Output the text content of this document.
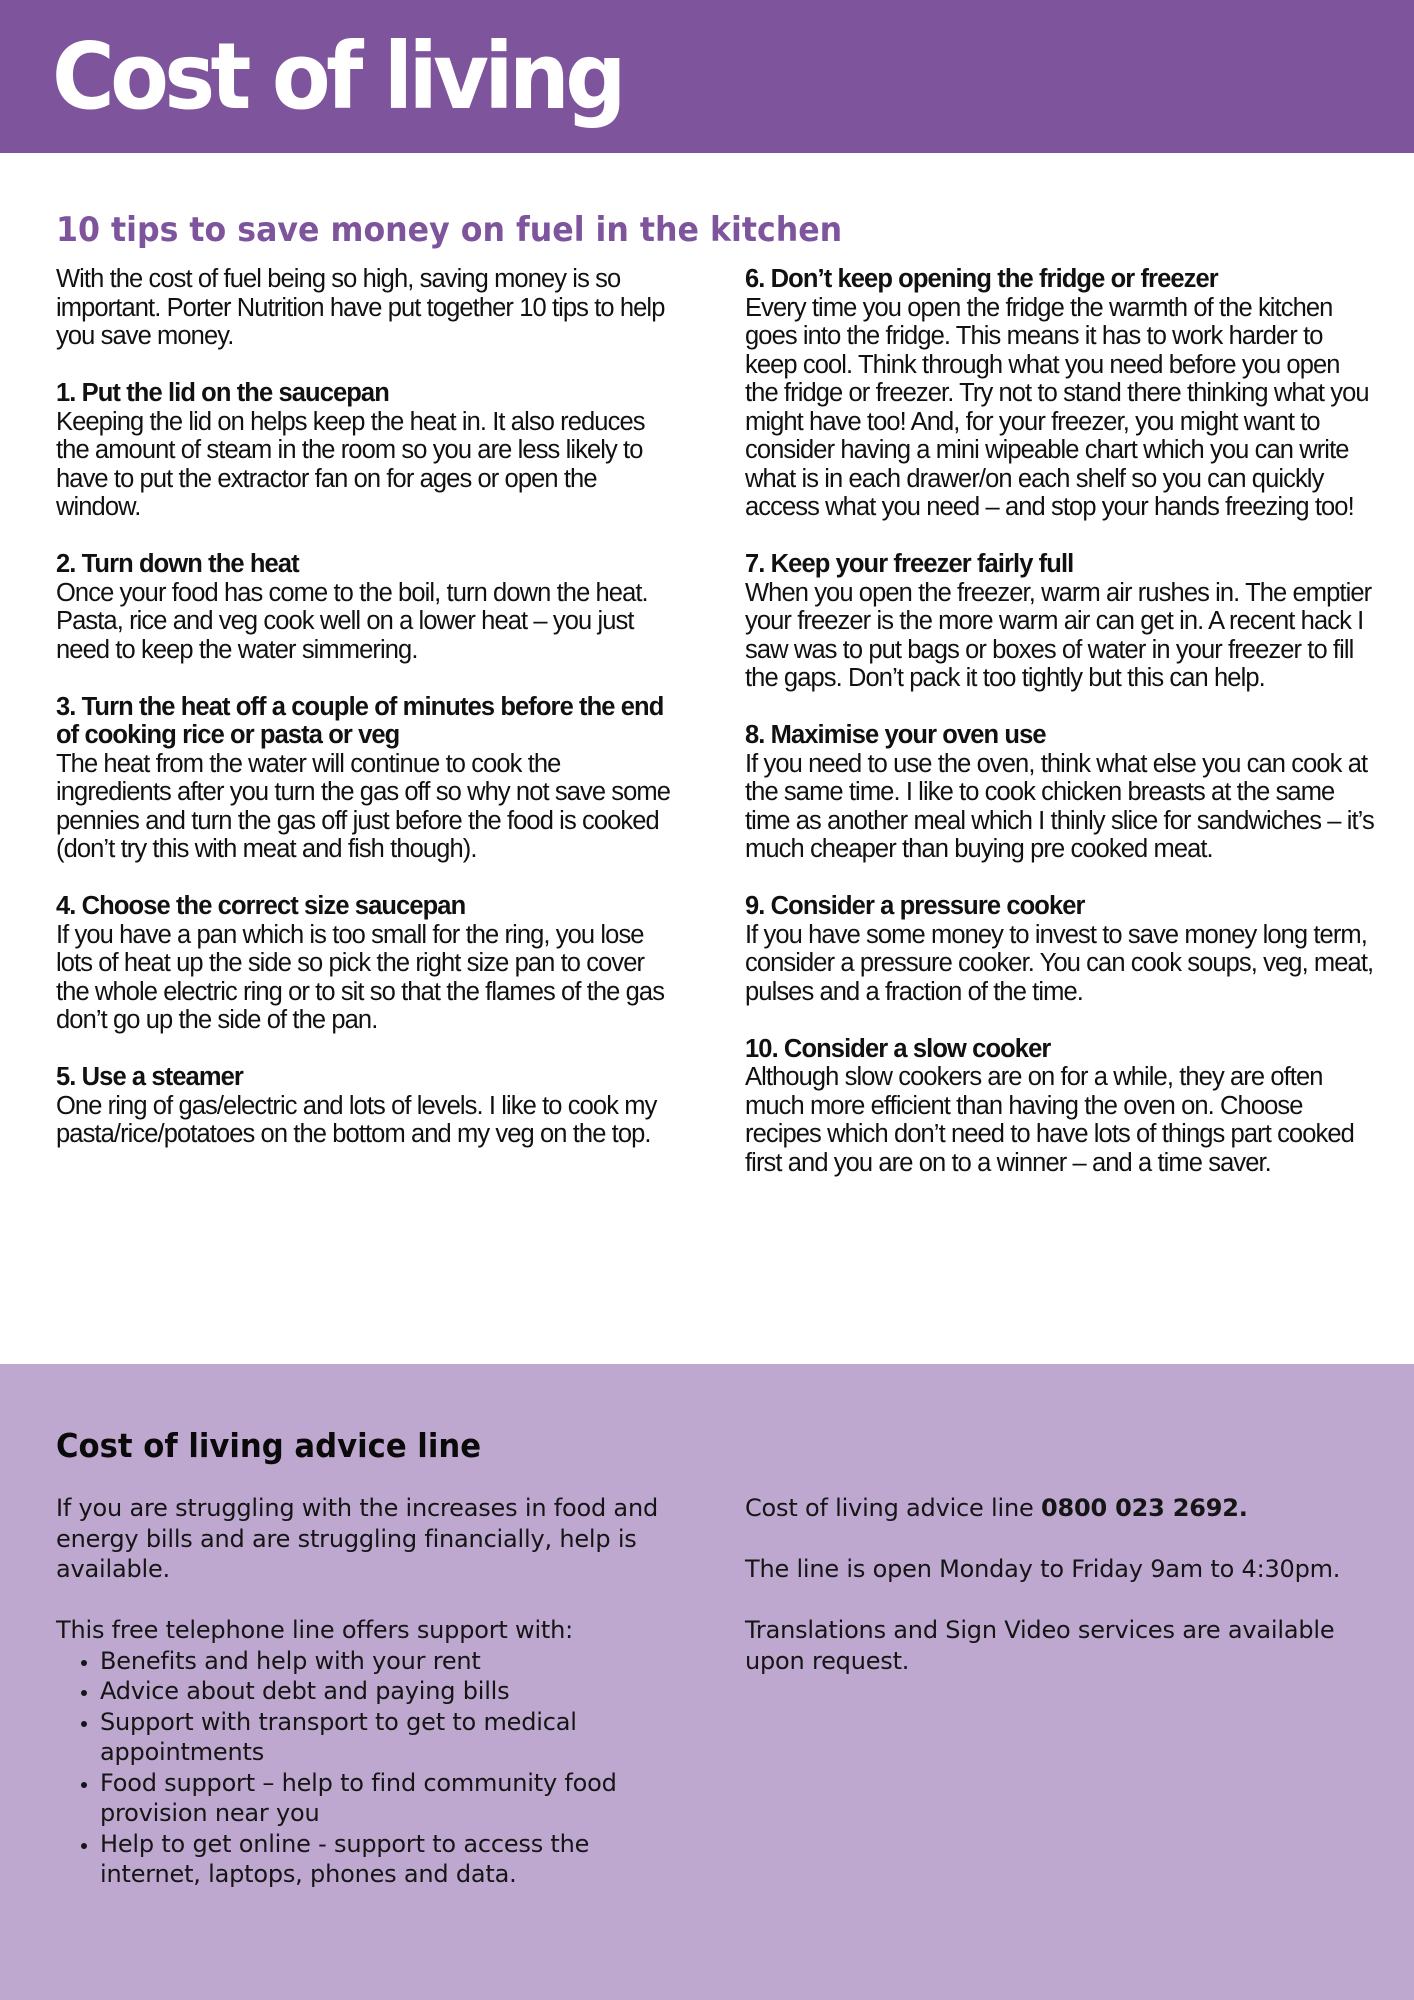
Cost of living
10 tips to save money on fuel in the kitchen

With the cost of fuel being so high, saving money is so important. Porter Nutrition have put together 10 tips to help you save money.

1. Put the lid on the saucepan
Keeping the lid on helps keep the heat in. It also reduces the amount of steam in the room so you are less likely to have to put the extractor fan on for ages or open the window.
2. Turn down the heat
Once your food has come to the boil, turn down the heat. Pasta, rice and veg cook well on a lower heat – you just need to keep the water simmering.
3. Turn the heat off a couple of minutes before the end of cooking rice or pasta or veg
The heat from the water will continue to cook the ingredients after you turn the gas off so why not save some pennies and turn the gas off just before the food is cooked (don’t try this with meat and fish though).
4. Choose the correct size saucepan
If you have a pan which is too small for the ring, you lose lots of heat up the side so pick the right size pan to cover the whole electric ring or to sit so that the flames of the gas don’t go up the side of the pan.
5. Use a steamer
One ring of gas/electric and lots of levels. I like to cook my pasta/rice/potatoes on the bottom and my veg on the top.
6. Don’t keep opening the fridge or freezer
Every time you open the fridge the warmth of the kitchen goes into the fridge. This means it has to work harder to keep cool. Think through what you need before you open the fridge or freezer. Try not to stand there thinking what you might have too! And, for your freezer, you might want to consider having a mini wipeable chart which you can write what is in each drawer/on each shelf so you can quickly access what you need – and stop your hands freezing too!
7. Keep your freezer fairly full
When you open the freezer, warm air rushes in. The emptier your freezer is the more warm air can get in. A recent hack I saw was to put bags or boxes of water in your freezer to fill the gaps. Don’t pack it too tightly but this can help.
8. Maximise your oven use
If you need to use the oven, think what else you can cook at the same time. I like to cook chicken breasts at the same time as another meal which I thinly slice for sandwiches – it’s much cheaper than buying pre cooked meat.
9. Consider a pressure cooker
If you have some money to invest to save money long term, consider a pressure cooker. You can cook soups, veg, meat, pulses and a fraction of the time.
10. Consider a slow cooker
Although slow cookers are on for a while, they are often much more efficient than having the oven on. Choose recipes which don’t need to have lots of things part cooked first and you are on to a winner – and a time saver.
Cost of living advice line

If you are struggling with the increases in food and energy bills and are struggling financially, help is available.

This free telephone line offers support with:

• Benefits and help with your rent
• Advice about debt and paying bills
• Support with transport to get to medical appointments
• Food support – help to find community food provision near you
• Help to get online - support to access the internet, laptops, phones and data.

Cost of living advice line 0800 023 2692.

The line is open Monday to Friday 9am to 4:30pm.

Translations and Sign Video services are available upon request.
